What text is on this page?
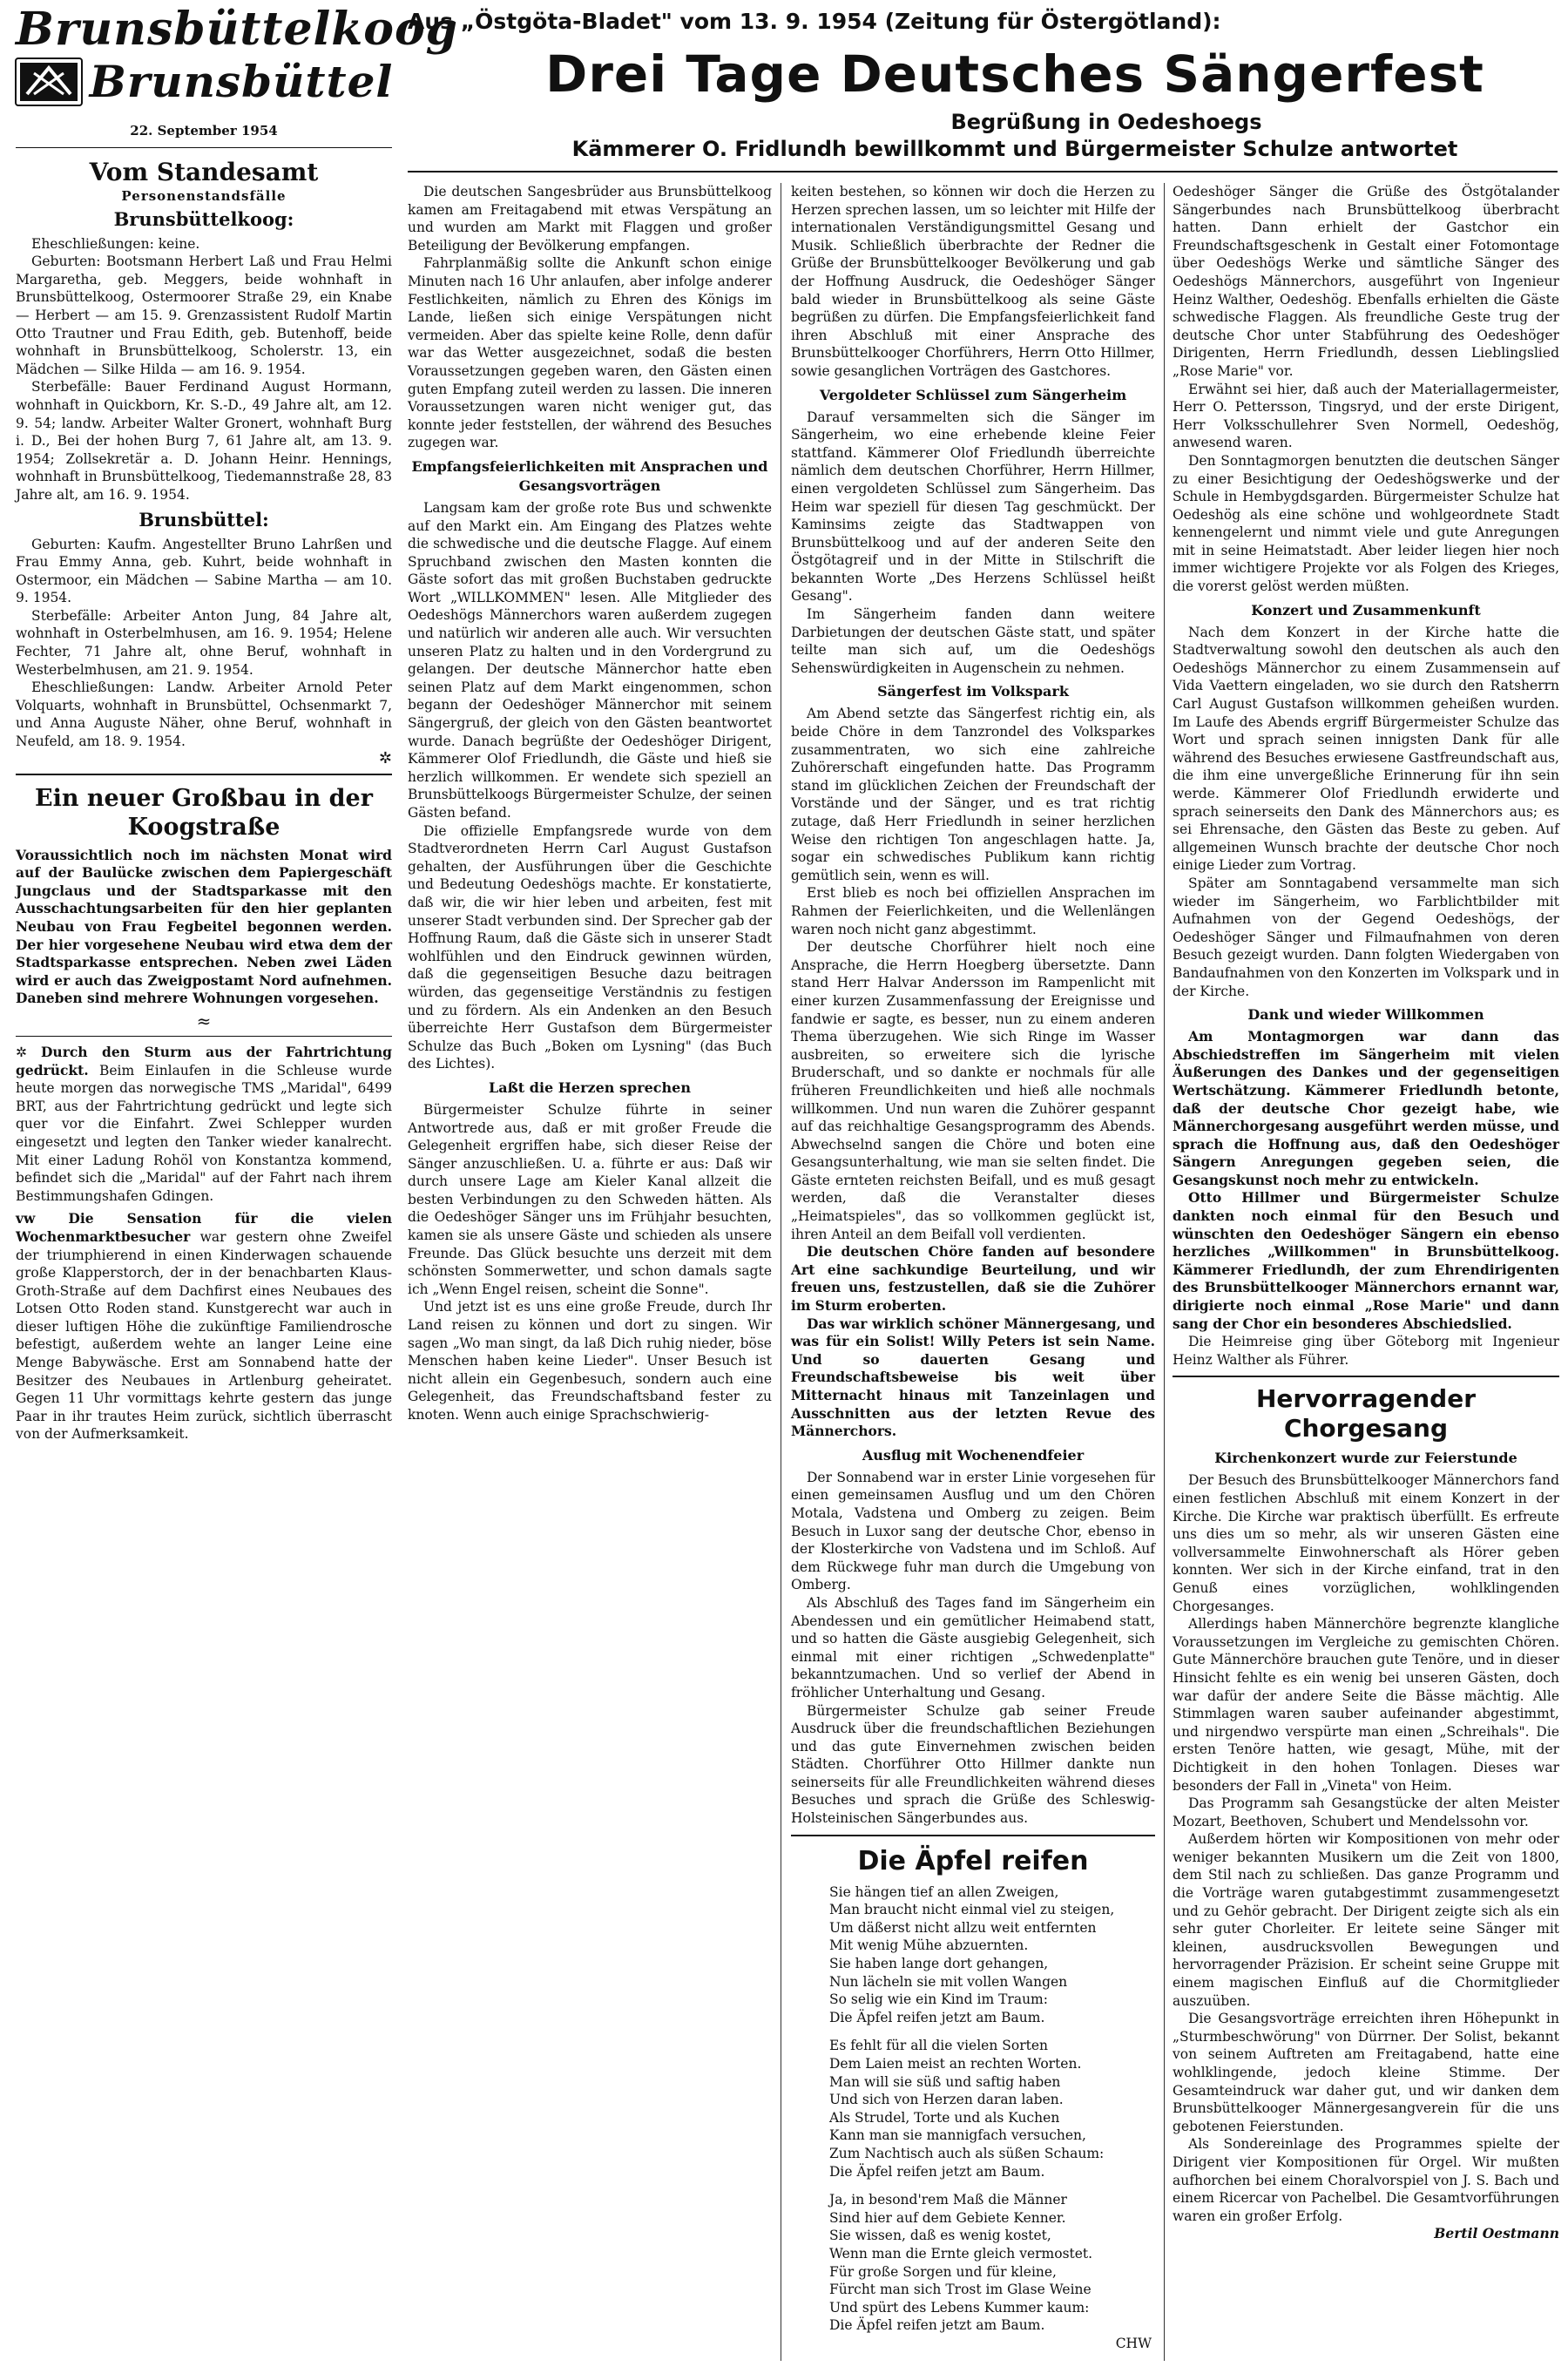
Brunsbüttelkoog
Brunsbüttel
22. September 1954
Vom Standesamt
Personenstandsfälle
Brunsbüttelkoog:

Eheschließungen: keine.

Geburten: Bootsmann Herbert Laß und Frau Helmi Margaretha, geb. Meggers, beide wohnhaft in Brunsbüttelkoog, Ostermoorer Straße 29, ein Knabe — Herbert — am 15. 9. Grenzassistent Rudolf Martin Otto Trautner und Frau Edith, geb. Butenhoff, beide wohnhaft in Brunsbüttelkoog, Scholerstr. 13, ein Mädchen — Silke Hilda — am 16. 9. 1954.

Sterbefälle: Bauer Ferdinand August Hormann, wohnhaft in Quickborn, Kr. S.-D., 49 Jahre alt, am 12. 9. 54; landw. Arbeiter Walter Gronert, wohnhaft Burg i. D., Bei der hohen Burg 7, 61 Jahre alt, am 13. 9. 1954; Zollsekretär a. D. Johann Heinr. Hennings, wohnhaft in Brunsbüttelkoog, Tiedemannstraße 28, 83 Jahre alt, am 16. 9. 1954.

Brunsbüttel:

Geburten: Kaufm. Angestellter Bruno Lahrßen und Frau Emmy Anna, geb. Kuhrt, beide wohnhaft in Ostermoor, ein Mädchen — Sabine Martha — am 10. 9. 1954.

Sterbefälle: Arbeiter Anton Jung, 84 Jahre alt, wohnhaft in Osterbelmhusen, am 16. 9. 1954; Helene Fechter, 71 Jahre alt, ohne Beruf, wohnhaft in Westerbelmhusen, am 21. 9. 1954.

Eheschließungen: Landw. Arbeiter Arnold Peter Volquarts, wohnhaft in Brunsbüttel, Ochsenmarkt 7, und Anna Auguste Näher, ohne Beruf, wohnhaft in Neufeld, am 18. 9. 1954.

✲
Ein neuer Großbau in der Koogstraße

Voraussichtlich noch im nächsten Monat wird auf der Baulücke zwischen dem Papiergeschäft Jungclaus und der Stadtsparkasse mit den Ausschachtungsarbeiten für den hier geplanten Neubau von Frau Fegbeitel begonnen werden. Der hier vorgesehene Neubau wird etwa dem der Stadtsparkasse entsprechen. Neben zwei Läden wird er auch das Zweigpostamt Nord aufnehmen. Daneben sind mehrere Wohnungen vorgesehen.

≈

✲ Durch den Sturm aus der Fahrtrichtung gedrückt. Beim Einlaufen in die Schleuse wurde heute morgen das norwegische TMS „Maridal", 6499 BRT, aus der Fahrtrichtung gedrückt und legte sich quer vor die Einfahrt. Zwei Schlepper wurden eingesetzt und legten den Tanker wieder kanalrecht. Mit einer Ladung Rohöl von Konstantza kommend, befindet sich die „Maridal" auf der Fahrt nach ihrem Bestimmungshafen Gdingen.

vw Die Sensation für die vielen Wochenmarktbesucher war gestern ohne Zweifel der triumphierend in einen Kinderwagen schauende große Klapperstorch, der in der benachbarten Klaus-Groth-Straße auf dem Dachfirst eines Neubaues des Lotsen Otto Roden stand. Kunstgerecht war auch in dieser luftigen Höhe die zukünftige Familiendrosche befestigt, außerdem wehte an langer Leine eine Menge Babywäsche. Erst am Sonnabend hatte der Besitzer des Neubaues in Artlenburg geheiratet. Gegen 11 Uhr vormittags kehrte gestern das junge Paar in ihr trautes Heim zurück, sichtlich überrascht von der Aufmerksamkeit.

Aus „Östgöta-Bladet" vom 13. 9. 1954 (Zeitung für Östergötland):
Drei Tage Deutsches Sängerfest
Begrüßung in Oedeshoegs
Kämmerer O. Fridlundh bewillkommt und Bürgermeister Schulze antwortet

Die deutschen Sangesbrüder aus Brunsbüttelkoog kamen am Freitagabend mit etwas Verspätung an und wurden am Markt mit Flaggen und großer Beteiligung der Bevölkerung empfangen.

Fahrplanmäßig sollte die Ankunft schon einige Minuten nach 16 Uhr anlaufen, aber infolge anderer Festlichkeiten, nämlich zu Ehren des Königs im Lande, ließen sich einige Verspätungen nicht vermeiden. Aber das spielte keine Rolle, denn dafür war das Wetter ausgezeichnet, sodaß die besten Voraussetzungen gegeben waren, den Gästen einen guten Empfang zuteil werden zu lassen. Die inneren Voraussetzungen waren nicht weniger gut, das konnte jeder feststellen, der während des Besuches zugegen war.

Empfangsfeierlichkeiten mit Ansprachen und Gesangsvorträgen

Langsam kam der große rote Bus und schwenkte auf den Markt ein. Am Eingang des Platzes wehte die schwedische und die deutsche Flagge. Auf einem Spruchband zwischen den Masten konnten die Gäste sofort das mit großen Buchstaben gedruckte Wort „WILLKOMMEN" lesen. Alle Mitglieder des Oedeshögs Männerchors waren außerdem zugegen und natürlich wir anderen alle auch. Wir versuchten unseren Platz zu halten und in den Vordergrund zu gelangen. Der deutsche Männerchor hatte eben seinen Platz auf dem Markt eingenommen, schon begann der Oedeshöger Männerchor mit seinem Sängergruß, der gleich von den Gästen beantwortet wurde. Danach begrüßte der Oedeshöger Dirigent, Kämmerer Olof Friedlundh, die Gäste und hieß sie herzlich willkommen. Er wendete sich speziell an Brunsbüttelkoogs Bürgermeister Schulze, der seinen Gästen befand.

Die offizielle Empfangsrede wurde von dem Stadtverordneten Herrn Carl August Gustafson gehalten, der Ausführungen über die Geschichte und Bedeutung Oedeshögs machte. Er konstatierte, daß wir, die wir hier leben und arbeiten, fest mit unserer Stadt verbunden sind. Der Sprecher gab der Hoffnung Raum, daß die Gäste sich in unserer Stadt wohlfühlen und den Eindruck gewinnen würden, daß die gegenseitigen Besuche dazu beitragen würden, das gegenseitige Verständnis zu festigen und zu fördern. Als ein Andenken an den Besuch überreichte Herr Gustafson dem Bürgermeister Schulze das Buch „Boken om Lysning" (das Buch des Lichtes).

Laßt die Herzen sprechen

Bürgermeister Schulze führte in seiner Antwortrede aus, daß er mit großer Freude die Gelegenheit ergriffen habe, sich dieser Reise der Sänger anzuschließen. U. a. führte er aus: Daß wir durch unsere Lage am Kieler Kanal allzeit die besten Verbindungen zu den Schweden hätten. Als die Oedeshöger Sänger uns im Frühjahr besuchten, kamen sie als unsere Gäste und schieden als unsere Freunde. Das Glück besuchte uns derzeit mit dem schönsten Sommerwetter, und schon damals sagte ich „Wenn Engel reisen, scheint die Sonne".

Und jetzt ist es uns eine große Freude, durch Ihr Land reisen zu können und dort zu singen. Wir sagen „Wo man singt, da laß Dich ruhig nieder, böse Menschen haben keine Lieder". Unser Besuch ist nicht allein ein Gegenbesuch, sondern auch eine Gelegenheit, das Freundschaftsband fester zu knoten. Wenn auch einige Sprachschwierig-

keiten bestehen, so können wir doch die Herzen zu Herzen sprechen lassen, um so leichter mit Hilfe der internationalen Verständigungsmittel Gesang und Musik. Schließlich überbrachte der Redner die Grüße der Brunsbüttelkooger Bevölkerung und gab der Hoffnung Ausdruck, die Oedeshöger Sänger bald wieder in Brunsbüttelkoog als seine Gäste begrüßen zu dürfen. Die Empfangsfeierlichkeit fand ihren Abschluß mit einer Ansprache des Brunsbüttelkooger Chorführers, Herrn Otto Hillmer, sowie gesanglichen Vorträgen des Gastchores.

Vergoldeter Schlüssel zum Sängerheim

Darauf versammelten sich die Sänger im Sängerheim, wo eine erhebende kleine Feier stattfand. Kämmerer Olof Friedlundh überreichte nämlich dem deutschen Chorführer, Herrn Hillmer, einen vergoldeten Schlüssel zum Sängerheim. Das Heim war speziell für diesen Tag geschmückt. Der Kaminsims zeigte das Stadtwappen von Brunsbüttelkoog und auf der anderen Seite den Östgötagreif und in der Mitte in Stilschrift die bekannten Worte „Des Herzens Schlüssel heißt Gesang".

Im Sängerheim fanden dann weitere Darbietungen der deutschen Gäste statt, und später teilte man sich auf, um die Oedeshögs Sehenswürdigkeiten in Augenschein zu nehmen.

Sängerfest im Volkspark

Am Abend setzte das Sängerfest richtig ein, als beide Chöre in dem Tanzrondel des Volksparkes zusammentraten, wo sich eine zahlreiche Zuhörerschaft eingefunden hatte. Das Programm stand im glücklichen Zeichen der Freundschaft der Vorstände und der Sänger, und es trat richtig zutage, daß Herr Friedlundh in seiner herzlichen Weise den richtigen Ton angeschlagen hatte. Ja, sogar ein schwedisches Publikum kann richtig gemütlich sein, wenn es will.

Erst blieb es noch bei offiziellen Ansprachen im Rahmen der Feierlichkeiten, und die Wellenlängen waren noch nicht ganz abgestimmt.

Der deutsche Chorführer hielt noch eine Ansprache, die Herrn Hoegberg übersetzte. Dann stand Herr Halvar Andersson im Rampenlicht mit einer kurzen Zusammenfassung der Ereignisse und fandwie er sagte, es besser, nun zu einem anderen Thema überzugehen. Wie sich Ringe im Wasser ausbreiten, so erweitere sich die lyrische Bruderschaft, und so dankte er nochmals für alle früheren Freundlichkeiten und hieß alle nochmals willkommen. Und nun waren die Zuhörer gespannt auf das reichhaltige Gesangsprogramm des Abends. Abwechselnd sangen die Chöre und boten eine Gesangsunterhaltung, wie man sie selten findet. Die Gäste ernteten reichsten Beifall, und es muß gesagt werden, daß die Veranstalter dieses „Heimatspieles", das so vollkommen geglückt ist, ihren Anteil an dem Beifall voll verdienten.

Die deutschen Chöre fanden auf besondere Art eine sachkundige Beurteilung, und wir freuen uns, festzustellen, daß sie die Zuhörer im Sturm eroberten.

Das war wirklich schöner Männergesang, und was für ein Solist! Willy Peters ist sein Name. Und so dauerten Gesang und Freundschaftsbeweise bis weit über Mitternacht hinaus mit Tanzeinlagen und Ausschnitten aus der letzten Revue des Männerchors.

Ausflug mit Wochenendfeier

Der Sonnabend war in erster Linie vorgesehen für einen gemeinsamen Ausflug und um den Chören Motala, Vadstena und Omberg zu zeigen. Beim Besuch in Luxor sang der deutsche Chor, ebenso in der Klosterkirche von Vadstena und im Schloß. Auf dem Rückwege fuhr man durch die Umgebung von Omberg.

Als Abschluß des Tages fand im Sängerheim ein Abendessen und ein gemütlicher Heimabend statt, und so hatten die Gäste ausgiebig Gelegenheit, sich einmal mit einer richtigen „Schwedenplatte" bekanntzumachen. Und so verlief der Abend in fröhlicher Unterhaltung und Gesang.

Bürgermeister Schulze gab seiner Freude Ausdruck über die freundschaftlichen Beziehungen und das gute Einvernehmen zwischen beiden Städten. Chorführer Otto Hillmer dankte nun seinerseits für alle Freundlichkeiten während dieses Besuches und sprach die Grüße des Schleswig-Holsteinischen Sängerbundes aus.

Die Äpfel reifen

Sie hängen tief an allen Zweigen,

Man braucht nicht einmal viel zu steigen,

Um däßerst nicht allzu weit entfernten

Mit wenig Mühe abzuernten.

Sie haben lange dort gehangen,

Nun lächeln sie mit vollen Wangen

So selig wie ein Kind im Traum:

Die Äpfel reifen jetzt am Baum.

Es fehlt für all die vielen Sorten

Dem Laien meist an rechten Worten.

Man will sie süß und saftig haben

Und sich von Herzen daran laben.

Als Strudel, Torte und als Kuchen

Kann man sie mannigfach versuchen,

Zum Nachtisch auch als süßen Schaum:

Die Äpfel reifen jetzt am Baum.

Ja, in besond'rem Maß die Männer

Sind hier auf dem Gebiete Kenner.

Sie wissen, daß es wenig kostet,

Wenn man die Ernte gleich vermostet.

Für große Sorgen und für kleine,

Fürcht man sich Trost im Glase Weine

Und spürt des Lebens Kummer kaum:

Die Äpfel reifen jetzt am Baum.

CHW

Oedeshöger Sänger die Grüße des Östgötalander Sängerbundes nach Brunsbüttelkoog überbracht hatten. Dann erhielt der Gastchor ein Freundschaftsgeschenk in Gestalt einer Fotomontage über Oedeshögs Werke und sämtliche Sänger des Oedeshögs Männerchors, ausgeführt von Ingenieur Heinz Walther, Oedeshög. Ebenfalls erhielten die Gäste schwedische Flaggen. Als freundliche Geste trug der deutsche Chor unter Stabführung des Oedeshöger Dirigenten, Herrn Friedlundh, dessen Lieblingslied „Rose Marie" vor.

Erwähnt sei hier, daß auch der Materiallagermeister, Herr O. Pettersson, Tingsryd, und der erste Dirigent, Herr Volksschullehrer Sven Normell, Oedeshög, anwesend waren.

Den Sonntagmorgen benutzten die deutschen Sänger zu einer Besichtigung der Oedeshögswerke und der Schule in Hembygdsgarden. Bürgermeister Schulze hat Oedeshög als eine schöne und wohlgeordnete Stadt kennengelernt und nimmt viele und gute Anregungen mit in seine Heimatstadt. Aber leider liegen hier noch immer wichtigere Projekte vor als Folgen des Krieges, die vorerst gelöst werden müßten.

Konzert und Zusammenkunft

Nach dem Konzert in der Kirche hatte die Stadtverwaltung sowohl den deutschen als auch den Oedeshögs Männerchor zu einem Zusammensein auf Vida Vaettern eingeladen, wo sie durch den Ratsherrn Carl August Gustafson willkommen geheißen wurden. Im Laufe des Abends ergriff Bürgermeister Schulze das Wort und sprach seinen innigsten Dank für alle während des Besuches erwiesene Gastfreundschaft aus, die ihm eine unvergeßliche Erinnerung für ihn sein werde. Kämmerer Olof Friedlundh erwiderte und sprach seinerseits den Dank des Männerchors aus; es sei Ehrensache, den Gästen das Beste zu geben. Auf allgemeinen Wunsch brachte der deutsche Chor noch einige Lieder zum Vortrag.

Später am Sonntagabend versammelte man sich wieder im Sängerheim, wo Farblichtbilder mit Aufnahmen von der Gegend Oedeshögs, der Oedeshöger Sänger und Filmaufnahmen von deren Besuch gezeigt wurden. Dann folgten Wiedergaben von Bandaufnahmen von den Konzerten im Volkspark und in der Kirche.

Dank und wieder Willkommen

Am Montagmorgen war dann das Abschiedstreffen im Sängerheim mit vielen Äußerungen des Dankes und der gegenseitigen Wertschätzung. Kämmerer Friedlundh betonte, daß der deutsche Chor gezeigt habe, wie Männerchorgesang ausgeführt werden müsse, und sprach die Hoffnung aus, daß den Oedeshöger Sängern Anregungen gegeben seien, die Gesangskunst noch mehr zu entwickeln.

Otto Hillmer und Bürgermeister Schulze dankten noch einmal für den Besuch und wünschten den Oedeshöger Sängern ein ebenso herzliches „Willkommen" in Brunsbüttelkoog. Kämmerer Friedlundh, der zum Ehrendirigenten des Brunsbüttelkooger Männerchors ernannt war, dirigierte noch einmal „Rose Marie" und dann sang der Chor ein besonderes Abschiedslied.

Die Heimreise ging über Göteborg mit Ingenieur Heinz Walther als Führer.

Hervorragender Chorgesang
Kirchenkonzert wurde zur Feierstunde

Der Besuch des Brunsbüttelkooger Männerchors fand einen festlichen Abschluß mit einem Konzert in der Kirche. Die Kirche war praktisch überfüllt. Es erfreute uns dies um so mehr, als wir unseren Gästen eine vollversammelte Einwohnerschaft als Hörer geben konnten. Wer sich in der Kirche einfand, trat in den Genuß eines vorzüglichen, wohlklingenden Chorgesanges.

Allerdings haben Männerchöre begrenzte klangliche Voraussetzungen im Vergleiche zu gemischten Chören. Gute Männerchöre brauchen gute Tenöre, und in dieser Hinsicht fehlte es ein wenig bei unseren Gästen, doch war dafür der andere Seite die Bässe mächtig. Alle Stimmlagen waren sauber aufeinander abgestimmt, und nirgendwo verspürte man einen „Schreihals". Die ersten Tenöre hatten, wie gesagt, Mühe, mit der Dichtigkeit in den hohen Tonlagen. Dieses war besonders der Fall in „Vineta" von Heim.

Das Programm sah Gesangstücke der alten Meister Mozart, Beethoven, Schubert und Mendelssohn vor.

Außerdem hörten wir Kompositionen von mehr oder weniger bekannten Musikern um die Zeit von 1800, dem Stil nach zu schließen. Das ganze Programm und die Vorträge waren gutabgestimmt zusammengesetzt und zu Gehör gebracht. Der Dirigent zeigte sich als ein sehr guter Chorleiter. Er leitete seine Sänger mit kleinen, ausdrucksvollen Bewegungen und hervorragender Präzision. Er scheint seine Gruppe mit einem magischen Einfluß auf die Chormitglieder auszuüben.

Die Gesangsvorträge erreichten ihren Höhepunkt in „Sturmbeschwörung" von Dürrner. Der Solist, bekannt von seinem Auftreten am Freitagabend, hatte eine wohlklingende, jedoch kleine Stimme. Der Gesamteindruck war daher gut, und wir danken dem Brunsbüttelkooger Männergesangverein für die uns gebotenen Feierstunden.

Als Sondereinlage des Programmes spielte der Dirigent vier Kompositionen für Orgel. Wir mußten aufhorchen bei einem Choralvorspiel von J. S. Bach und einem Ricercar von Pachelbel. Die Gesamtvorführungen waren ein großer Erfolg.

Bertil Oestmann
